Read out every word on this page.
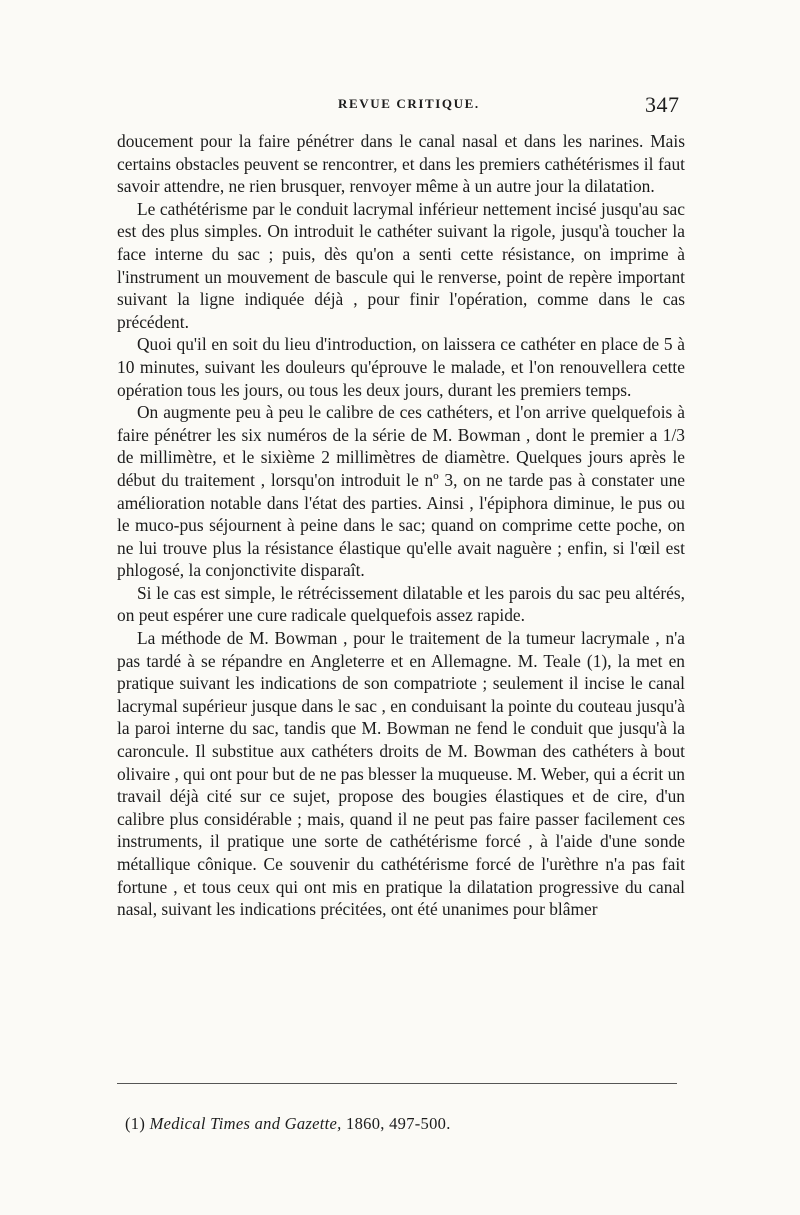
REVUE CRITIQUE.	347

doucement pour la faire pénétrer dans le canal nasal et dans les narines. Mais certains obstacles peuvent se rencontrer, et dans les premiers cathétérismes il faut savoir attendre, ne rien brusquer, renvoyer même à un autre jour la dilatation.

Le cathétérisme par le conduit lacrymal inférieur nettement incisé jusqu'au sac est des plus simples. On introduit le cathéter suivant la rigole, jusqu'à toucher la face interne du sac ; puis, dès qu'on a senti cette résistance, on imprime à l'instrument un mouvement de bascule qui le renverse, point de repère important suivant la ligne indiquée déjà , pour finir l'opération, comme dans le cas précédent.

Quoi qu'il en soit du lieu d'introduction, on laissera ce cathéter en place de 5 à 10 minutes, suivant les douleurs qu'éprouve le malade, et l'on renouvellera cette opération tous les jours, ou tous les deux jours, durant les premiers temps.

On augmente peu à peu le calibre de ces cathéters, et l'on arrive quelquefois à faire pénétrer les six numéros de la série de M. Bowman , dont le premier a 1/3 de millimètre, et le sixième 2 millimètres de diamètre. Quelques jours après le début du traitement , lorsqu'on introduit le nº 3, on ne tarde pas à constater une amélioration notable dans l'état des parties. Ainsi , l'épiphora diminue, le pus ou le muco-pus séjournent à peine dans le sac; quand on comprime cette poche, on ne lui trouve plus la résistance élastique qu'elle avait naguère ; enfin, si l'œil est phlogosé, la conjonctivite disparaît.

Si le cas est simple, le rétrécissement dilatable et les parois du sac peu altérés, on peut espérer une cure radicale quelquefois assez rapide.

La méthode de M. Bowman , pour le traitement de la tumeur lacrymale , n'a pas tardé à se répandre en Angleterre et en Allemagne. M. Teale (1), la met en pratique suivant les indications de son compatriote ; seulement il incise le canal lacrymal supérieur jusque dans le sac , en conduisant la pointe du couteau jusqu'à la paroi interne du sac, tandis que M. Bowman ne fend le conduit que jusqu'à la caroncule. Il substitue aux cathéters droits de M. Bowman des cathéters à bout olivaire , qui ont pour but de ne pas blesser la muqueuse. M. Weber, qui a écrit un travail déjà cité sur ce sujet, propose des bougies élastiques et de cire, d'un calibre plus considérable ; mais, quand il ne peut pas faire passer facilement ces instruments, il pratique une sorte de cathétérisme forcé , à l'aide d'une sonde métallique cônique. Ce souvenir du cathétérisme forcé de l'urèthre n'a pas fait fortune , et tous ceux qui ont mis en pratique la dilatation progressive du canal nasal, suivant les indications précitées, ont été unanimes pour blâmer

(1) Medical Times and Gazette, 1860, 497-500.
